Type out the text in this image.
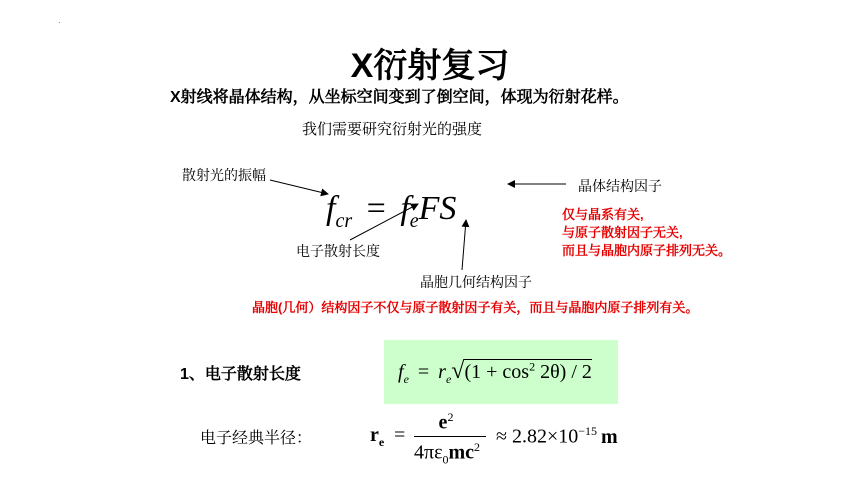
·
X衍射复习
X射线将晶体结构，从坐标空间变到了倒空间，体现为衍射花样。
我们需要研究衍射光的强度
散射光的振幅
晶体结构因子
电子散射长度
晶胞几何结构因子
$f_{cr} = f_eFS$	仅与晶系有关,
与原子散射因子无关,
而且与晶胞内原子排列无关。
晶胞(几何）结构因子不仅与原子散射因子有关，而且与晶胞内原子排列有关。
1、电子散射长度	$f_e = r_e√(1 + \cos^2 2\theta) / 2$
电子经典半径：	$r_e$ =
$e^2$
$4\pi\varepsilon_0mc^2 \approx 2.82\times 10^{-15}$ m
